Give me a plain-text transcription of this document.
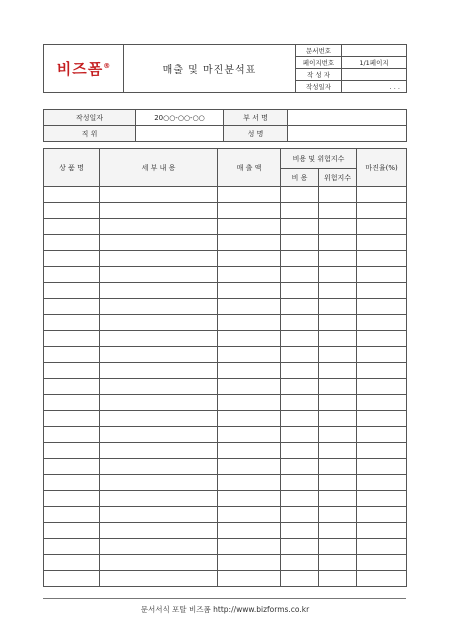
비즈폼®	매출 및 마진분석표	문서번호	
		페이지번호	1/1페이지
		작 성 자	
		작성일자	. . .
작성일자	20○○-○○-○○	부 서 명	
직 위		성 명	
상 품 명	세 부 내 용	매 출 액	비용 및 위험지수		마진율(%)
			비 용	위험지수	

문서서식 포탈 비즈폼 http://www.bizforms.co.kr
